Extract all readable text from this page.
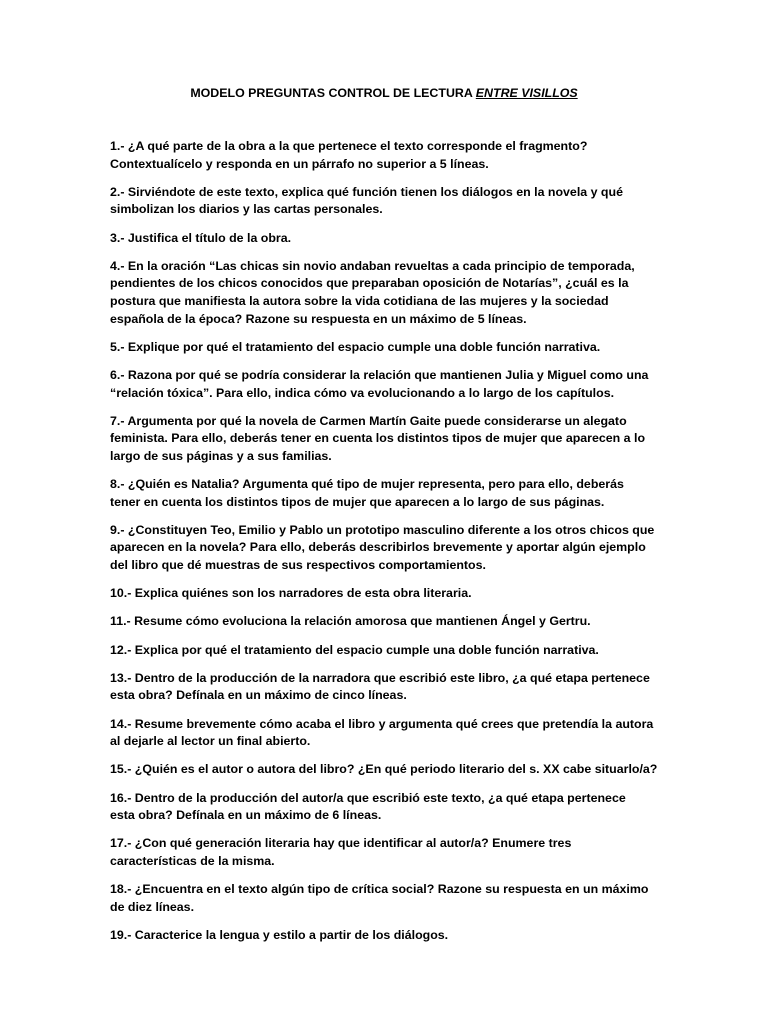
MODELO PREGUNTAS CONTROL DE LECTURA ENTRE VISILLOS
1.- ¿A qué parte de la obra a la que pertenece el texto corresponde el fragmento?
Contextualícelo y responda en un párrafo no superior a 5 líneas.
2.- Sirviéndote de este texto, explica qué función tienen los diálogos en la novela y qué
simbolizan los diarios y las cartas personales.
3.- Justifica el título de la obra.
4.- En la oración “Las chicas sin novio andaban revueltas a cada principio de temporada,
pendientes de los chicos conocidos que preparaban oposición de Notarías”, ¿cuál es la
postura que manifiesta la autora sobre la vida cotidiana de las mujeres y la sociedad
española de la época? Razone su respuesta en un máximo de 5 líneas.
5.- Explique por qué el tratamiento del espacio cumple una doble función narrativa.
6.- Razona por qué se podría considerar la relación que mantienen Julia y Miguel como una
“relación tóxica”. Para ello, indica cómo va evolucionando a lo largo de los capítulos.
7.- Argumenta por qué la novela de Carmen Martín Gaite puede considerarse un alegato
feminista. Para ello, deberás tener en cuenta los distintos tipos de mujer que aparecen a lo
largo de sus páginas y a sus familias.
8.- ¿Quién es Natalia? Argumenta qué tipo de mujer representa, pero para ello, deberás
tener en cuenta los distintos tipos de mujer que aparecen a lo largo de sus páginas.
9.- ¿Constituyen Teo, Emilio y Pablo un prototipo masculino diferente a los otros chicos que
aparecen en la novela? Para ello, deberás describirlos brevemente y aportar algún ejemplo
del libro que dé muestras de sus respectivos comportamientos.
10.- Explica quiénes son los narradores de esta obra literaria.
11.- Resume cómo evoluciona la relación amorosa que mantienen Ángel y Gertru.
12.- Explica por qué el tratamiento del espacio cumple una doble función narrativa.
13.- Dentro de la producción de la narradora que escribió este libro, ¿a qué etapa pertenece
esta obra? Defínala en un máximo de cinco líneas.
14.- Resume brevemente cómo acaba el libro y argumenta qué crees que pretendía la autora
al dejarle al lector un final abierto.
15.- ¿Quién es el autor o autora del libro? ¿En qué periodo literario del s. XX cabe situarlo/a?
16.- Dentro de la producción del autor/a que escribió este texto, ¿a qué etapa pertenece
esta obra? Defínala en un máximo de 6 líneas.
17.- ¿Con qué generación literaria hay que identificar al autor/a? Enumere tres
características de la misma.
18.- ¿Encuentra en el texto algún tipo de crítica social? Razone su respuesta en un máximo
de diez líneas.
19.- Caracterice la lengua y estilo a partir de los diálogos.
